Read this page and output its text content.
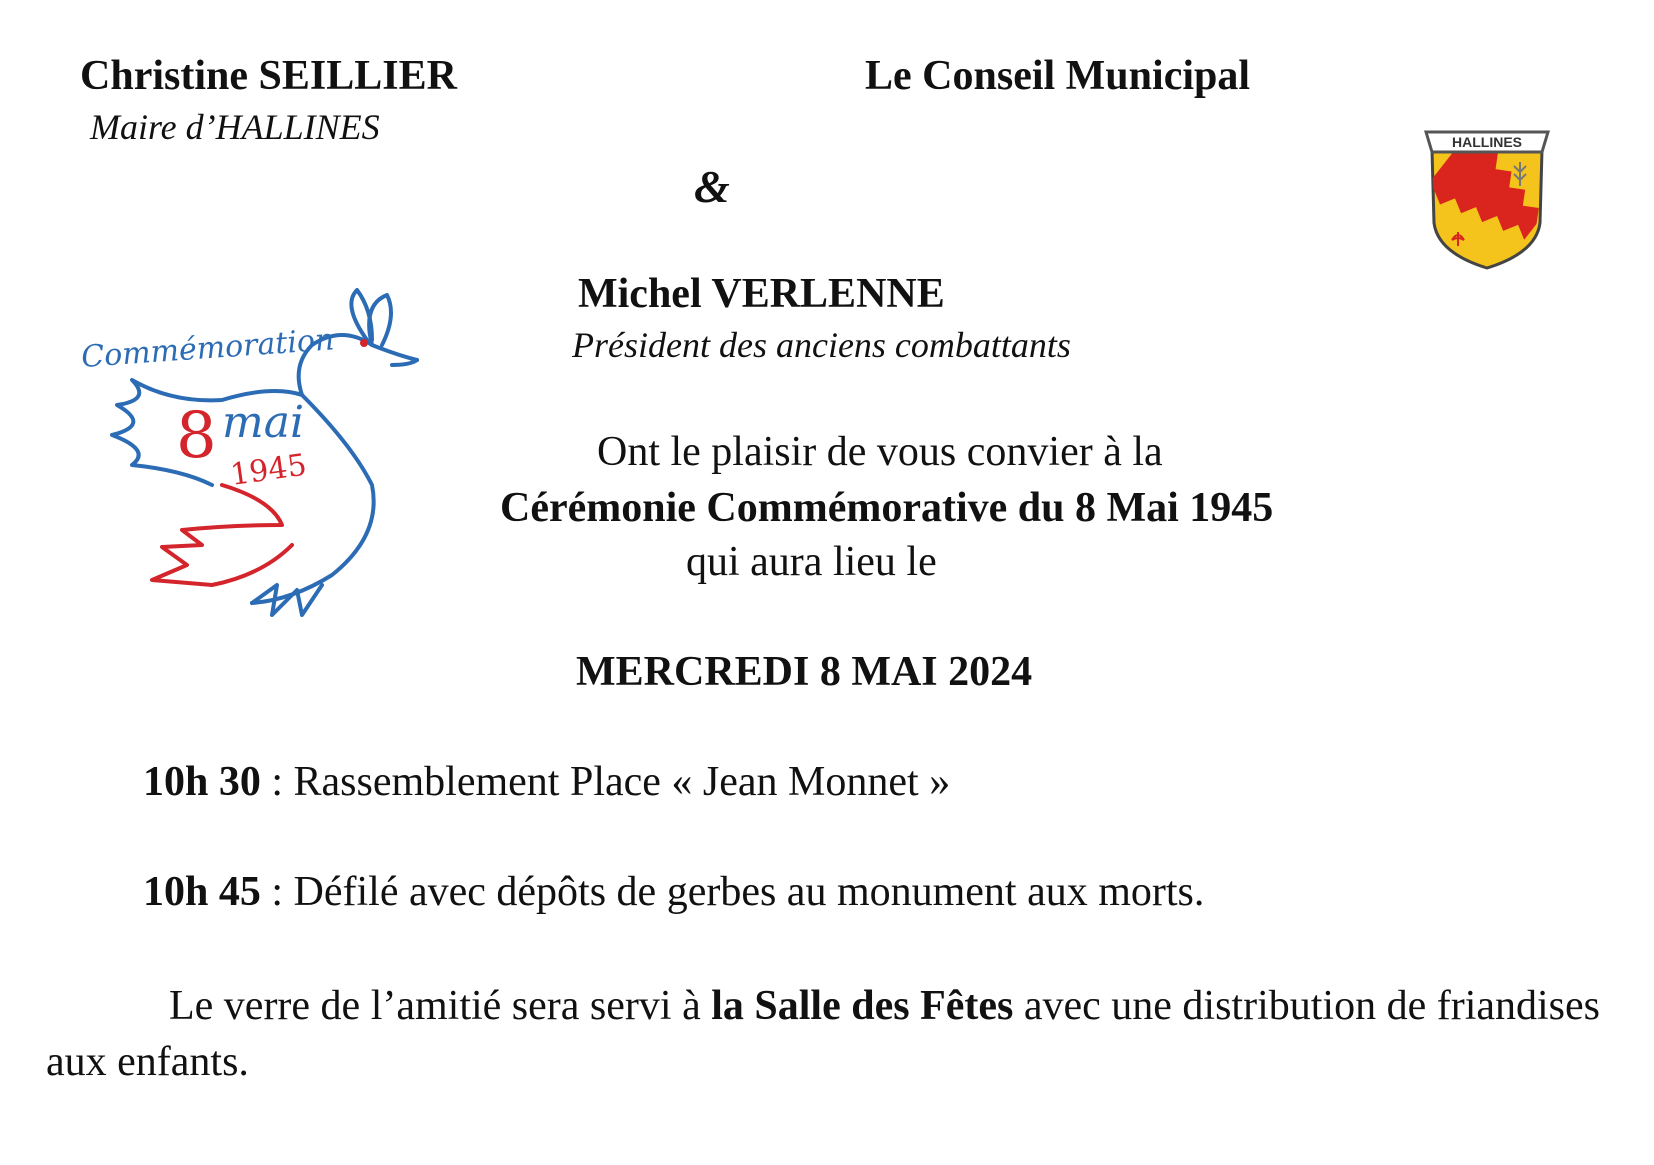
Christine SEILLIER
Maire d’HALLINES
Le Conseil Municipal
&
HALLINES
Commémoration
8 mai
1945
Michel VERLENNE
Président des anciens combattants
Ont le plaisir de vous convier à la
Cérémonie Commémorative du 8 Mai 1945
qui aura lieu le
MERCREDI 8 MAI 2024
10h 30 : Rassemblement Place « Jean Monnet »
10h 45 : Défilé avec dépôts de gerbes au monument aux morts.
Le verre de l’amitié sera servi à la Salle des Fêtes avec une distribution de friandises aux enfants.
